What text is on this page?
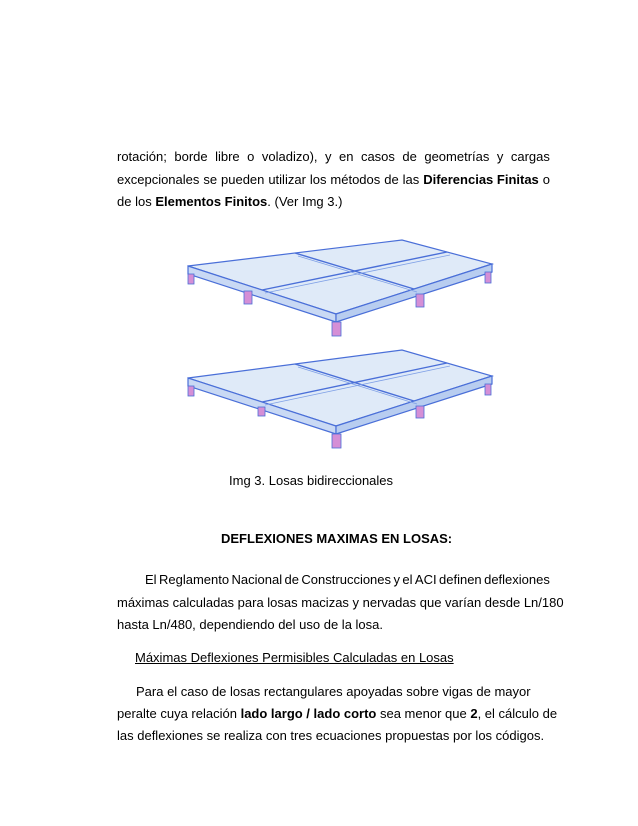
rotación; borde libre o voladizo), y en casos de geometrías y cargas
excepcionales se pueden utilizar los métodos de las Diferencias Finitas o
de los Elementos Finitos. (Ver Img 3.)
Img 3. Losas bidireccionales
DEFLEXIONES MAXIMAS EN LOSAS:
El Reglamento Nacional de Construcciones y el ACI definen deflexiones
máximas calculadas para losas macizas y nervadas que varían desde Ln/180
hasta Ln/480, dependiendo del uso de la losa.
Máximas Deflexiones Permisibles Calculadas en Losas
Para el caso de losas rectangulares apoyadas sobre vigas de mayor
peralte cuya relación lado largo / lado corto sea menor que 2, el cálculo de
las deflexiones se realiza con tres ecuaciones propuestas por los códigos.
